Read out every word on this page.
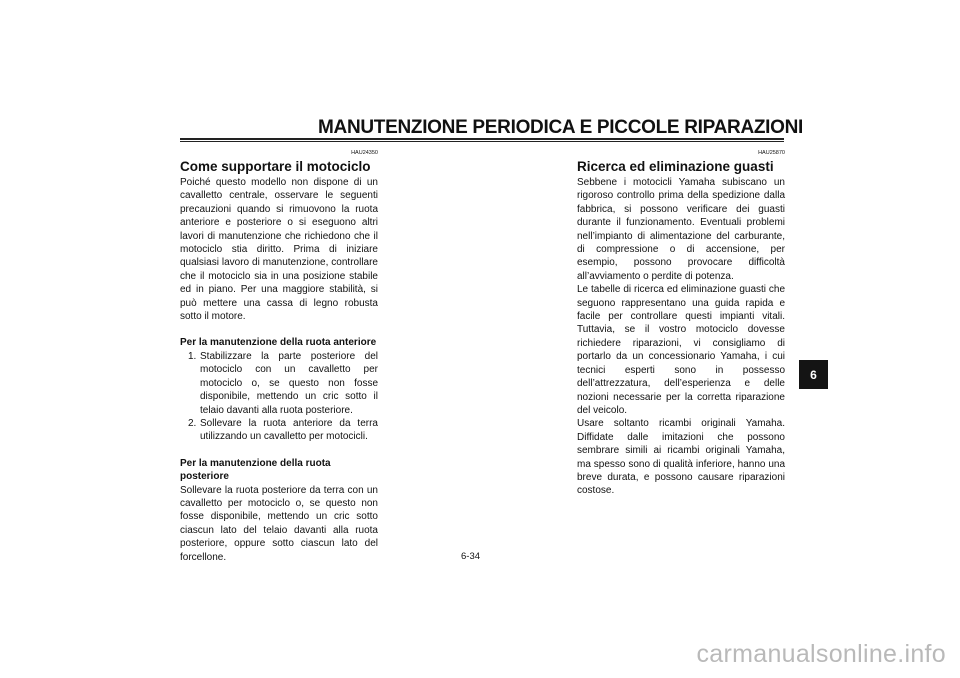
MANUTENZIONE PERIODICA E PICCOLE RIPARAZIONI
HAU24350
Come supportare il motociclo

Poiché questo modello non dispone di un cavalletto centrale, osservare le seguenti precauzioni quando si rimuovono la ruota anteriore e posteriore o si eseguono altri lavori di manutenzione che richiedono che il motociclo stia diritto. Prima di iniziare qualsiasi lavoro di manutenzione, controllare che il motociclo sia in una posizione stabile ed in piano. Per una maggiore stabilità, si può mettere una cassa di legno robusta sotto il motore.

Per la manutenzione della ruota anteriore
1. Stabilizzare la parte posteriore del motociclo con un cavalletto per motociclo o, se questo non fosse disponibile, mettendo un cric sotto il telaio davanti alla ruota posteriore.
2. Sollevare la ruota anteriore da terra utilizzando un cavalletto per motocicli.
Per la manutenzione della ruota posteriore

Sollevare la ruota posteriore da terra con un cavalletto per motociclo o, se questo non fosse disponibile, mettendo un cric sotto ciascun lato del telaio davanti alla ruota posteriore, oppure sotto ciascun lato del forcellone.

HAU25870
Ricerca ed eliminazione guasti

Sebbene i motocicli Yamaha subiscano un rigoroso controllo prima della spedizione dalla fabbrica, si possono verificare dei guasti durante il funzionamento. Eventuali problemi nell’impianto di alimentazione del carburante, di compressione o di accensione, per esempio, possono provocare difficoltà all’avviamento o perdite di potenza.

Le tabelle di ricerca ed eliminazione guasti che seguono rappresentano una guida rapida e facile per controllare questi impianti vitali. Tuttavia, se il vostro motociclo dovesse richiedere riparazioni, vi consigliamo di portarlo da un concessionario Yamaha, i cui tecnici esperti sono in possesso dell’attrezzatura, dell’esperienza e delle nozioni necessarie per la corretta riparazione del veicolo.

Usare soltanto ricambi originali Yamaha. Diffidate dalle imitazioni che possono sembrare simili ai ricambi originali Yamaha, ma spesso sono di qualità inferiore, hanno una breve durata, e possono causare riparazioni costose.

6
6-34
carmanualsonline.info
